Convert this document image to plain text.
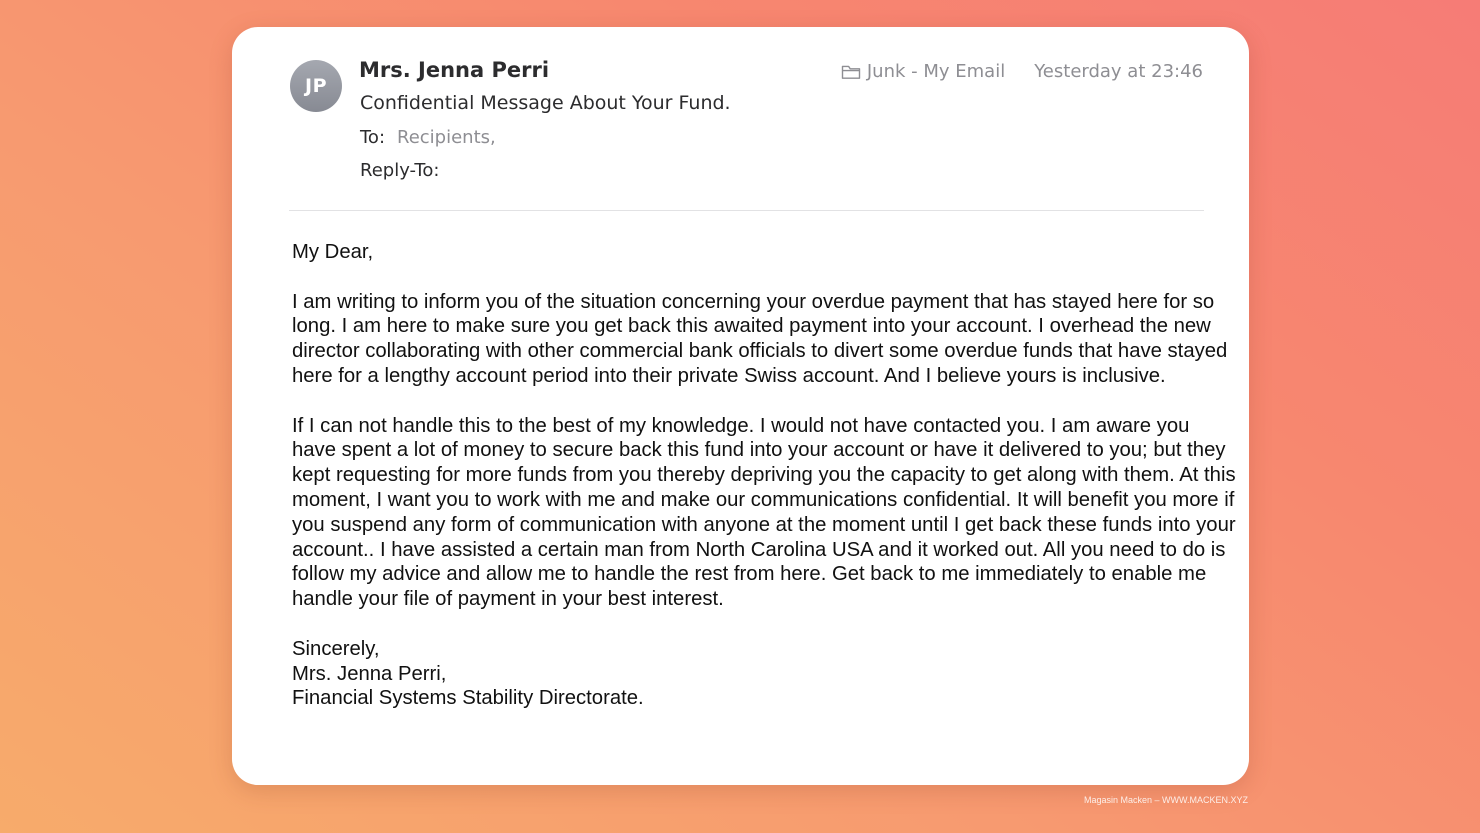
JP
Mrs. Jenna Perri
Confidential Message About Your Fund.
To: Recipients,
Reply-To:
Junk - My Email Yesterday at 23:46

My Dear,

I am writing to inform you of the situation concerning your overdue payment that has stayed here for so long. I am here to make sure you get back this awaited payment into your account. I overhead the new director collaborating with other commercial bank officials to divert some overdue funds that have stayed here for a lengthy account period into their private Swiss account. And I believe yours is inclusive.

If I can not handle this to the best of my knowledge. I would not have contacted you. I am aware you have spent a lot of money to secure back this fund into your account or have it delivered to you; but they kept requesting for more funds from you thereby depriving you the capacity to get along with them. At this moment, I want you to work with me and make our communications confidential. It will benefit you more if you suspend any form of communication with anyone at the moment until I get back these funds into your account.. I have assisted a certain man from North Carolina USA and it worked out. All you need to do is follow my advice and allow me to handle the rest from here. Get back to me immediately to enable me handle your file of payment in your best interest.

Sincerely,
Mrs. Jenna Perri,
Financial Systems Stability Directorate.
Magasin Macken – WWW.MACKEN.XYZ
